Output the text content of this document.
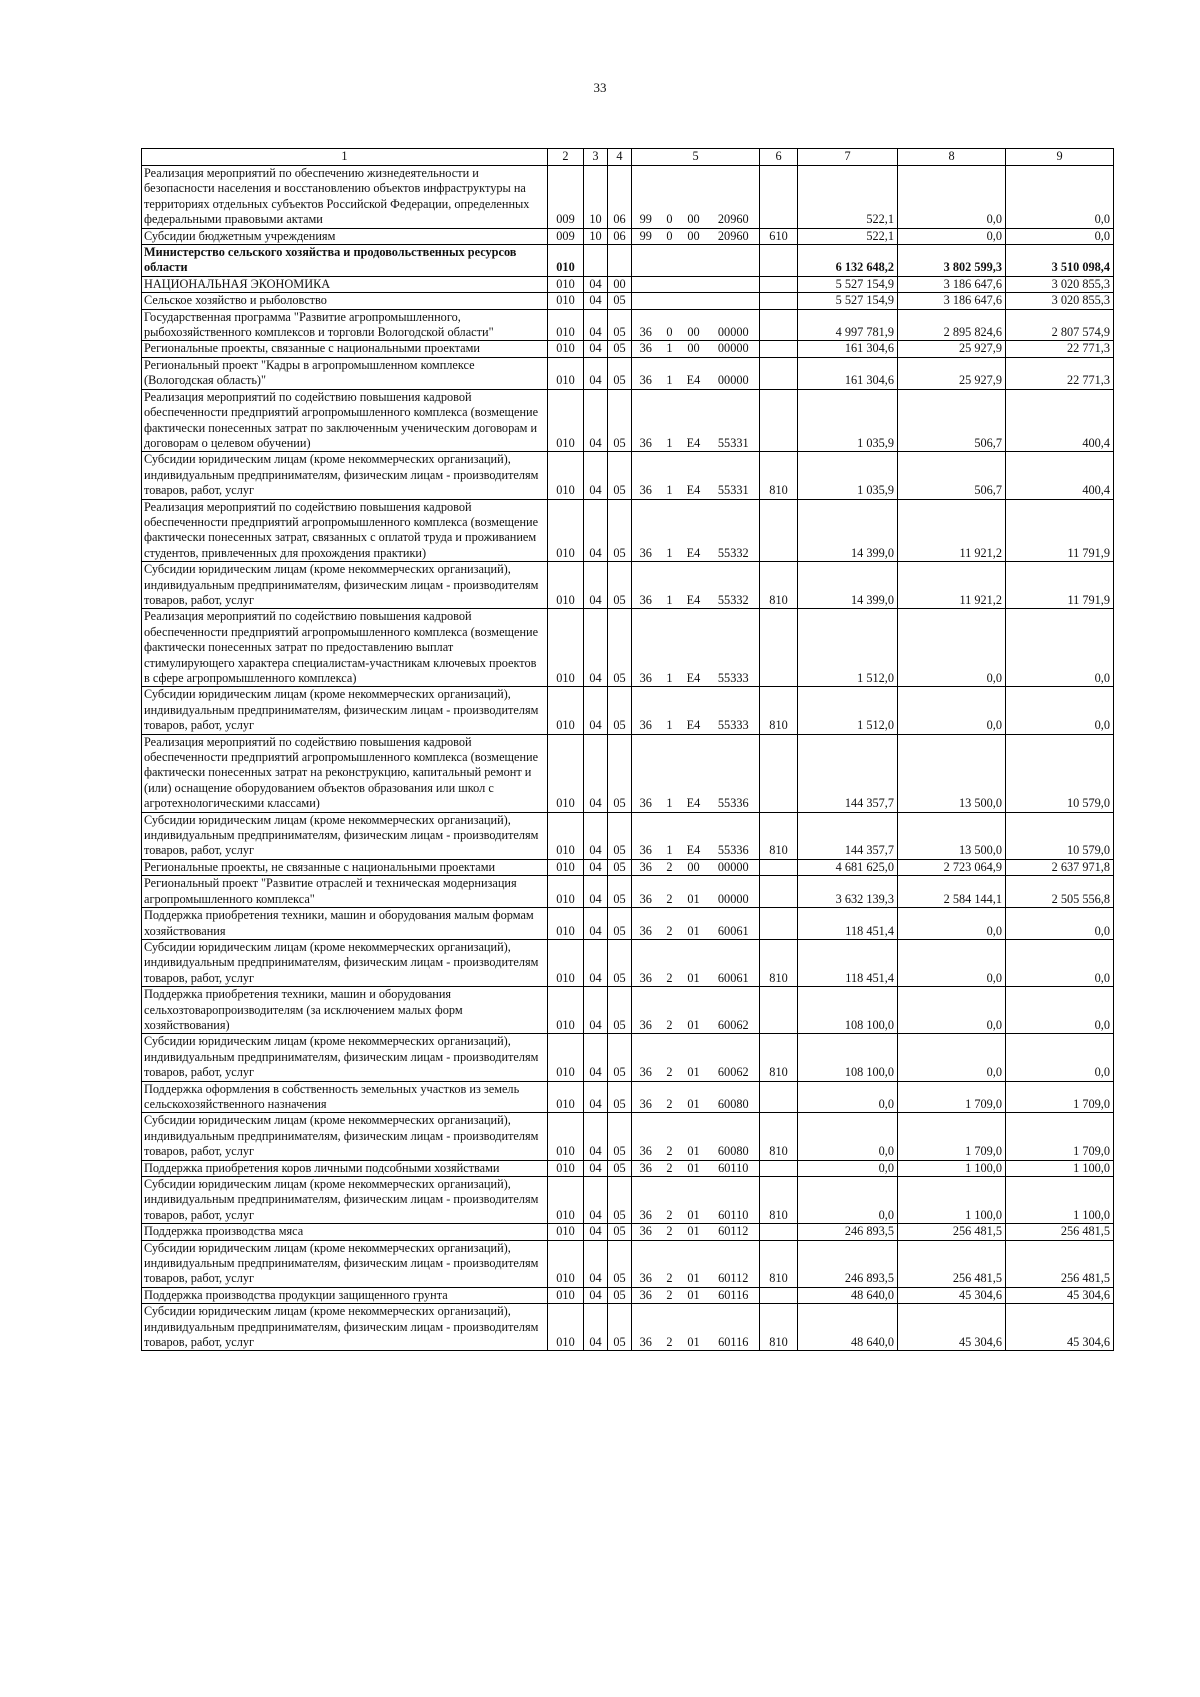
33
1	2	3	4	5				6	7	8	9
Реализация мероприятий по обеспечению жизнедеятельности и безопасности населения и восстановлению объектов инфраструктуры на территориях отдельных субъектов Российской Федерации, определенных федеральными правовыми актами	009	10	06	99	0	00	20960		522,1	0,0	0,0
Субсидии бюджетным учреждениям	009	10	06	99	0	00	20960	610	522,1	0,0	0,0
Министерство сельского хозяйства и продовольственных ресурсов области	010								6 132 648,2	3 802 599,3	3 510 098,4
НАЦИОНАЛЬНАЯ ЭКОНОМИКА	010	04	00						5 527 154,9	3 186 647,6	3 020 855,3
Сельское хозяйство и рыболовство	010	04	05						5 527 154,9	3 186 647,6	3 020 855,3
Государственная программа "Развитие агропромышленного, рыбохозяйственного комплексов и торговли Вологодской области"	010	04	05	36	0	00	00000		4 997 781,9	2 895 824,6	2 807 574,9
Региональные проекты, связанные с национальными проектами	010	04	05	36	1	00	00000		161 304,6	25 927,9	22 771,3
Региональный проект "Кадры в агропромышленном комплексе (Вологодская область)"	010	04	05	36	1	Е4	00000		161 304,6	25 927,9	22 771,3
Реализация мероприятий по содействию повышения кадровой обеспеченности предприятий агропромышленного комплекса (возмещение фактически понесенных затрат по заключенным ученическим договорам и договорам о целевом обучении)	010	04	05	36	1	Е4	55331		1 035,9	506,7	400,4
Субсидии юридическим лицам (кроме некоммерческих организаций), индивидуальным предпринимателям, физическим лицам - производителям товаров, работ, услуг	010	04	05	36	1	Е4	55331	810	1 035,9	506,7	400,4
Реализация мероприятий по содействию повышения кадровой обеспеченности предприятий агропромышленного комплекса (возмещение фактически понесенных затрат, связанных с оплатой труда и проживанием студентов, привлеченных для прохождения практики)	010	04	05	36	1	Е4	55332		14 399,0	11 921,2	11 791,9
Субсидии юридическим лицам (кроме некоммерческих организаций), индивидуальным предпринимателям, физическим лицам - производителям товаров, работ, услуг	010	04	05	36	1	Е4	55332	810	14 399,0	11 921,2	11 791,9
Реализация мероприятий по содействию повышения кадровой обеспеченности предприятий агропромышленного комплекса (возмещение фактически понесенных затрат по предоставлению выплат стимулирующего характера специалистам-участникам ключевых проектов в сфере агропромышленного комплекса)	010	04	05	36	1	Е4	55333		1 512,0	0,0	0,0
Субсидии юридическим лицам (кроме некоммерческих организаций), индивидуальным предпринимателям, физическим лицам - производителям товаров, работ, услуг	010	04	05	36	1	Е4	55333	810	1 512,0	0,0	0,0
Реализация мероприятий по содействию повышения кадровой обеспеченности предприятий агропромышленного комплекса (возмещение фактически понесенных затрат на реконструкцию, капитальный ремонт и (или) оснащение оборудованием объектов образования или школ с агротехнологическими классами)	010	04	05	36	1	Е4	55336		144 357,7	13 500,0	10 579,0
Субсидии юридическим лицам (кроме некоммерческих организаций), индивидуальным предпринимателям, физическим лицам - производителям товаров, работ, услуг	010	04	05	36	1	Е4	55336	810	144 357,7	13 500,0	10 579,0
Региональные проекты, не связанные с национальными проектами	010	04	05	36	2	00	00000		4 681 625,0	2 723 064,9	2 637 971,8
Региональный проект "Развитие отраслей и техническая модернизация агропромышленного комплекса"	010	04	05	36	2	01	00000		3 632 139,3	2 584 144,1	2 505 556,8
Поддержка приобретения техники, машин и оборудования малым формам хозяйствования	010	04	05	36	2	01	60061		118 451,4	0,0	0,0
Субсидии юридическим лицам (кроме некоммерческих организаций), индивидуальным предпринимателям, физическим лицам - производителям товаров, работ, услуг	010	04	05	36	2	01	60061	810	118 451,4	0,0	0,0
Поддержка приобретения техники, машин и оборудования сельхозтоваропроизводителям (за исключением малых форм хозяйствования)	010	04	05	36	2	01	60062		108 100,0	0,0	0,0
Субсидии юридическим лицам (кроме некоммерческих организаций), индивидуальным предпринимателям, физическим лицам - производителям товаров, работ, услуг	010	04	05	36	2	01	60062	810	108 100,0	0,0	0,0
Поддержка оформления в собственность земельных участков из земель сельскохозяйственного назначения	010	04	05	36	2	01	60080		0,0	1 709,0	1 709,0
Субсидии юридическим лицам (кроме некоммерческих организаций), индивидуальным предпринимателям, физическим лицам - производителям товаров, работ, услуг	010	04	05	36	2	01	60080	810	0,0	1 709,0	1 709,0
Поддержка приобретения коров личными подсобными хозяйствами	010	04	05	36	2	01	60110		0,0	1 100,0	1 100,0
Субсидии юридическим лицам (кроме некоммерческих организаций), индивидуальным предпринимателям, физическим лицам - производителям товаров, работ, услуг	010	04	05	36	2	01	60110	810	0,0	1 100,0	1 100,0
Поддержка производства мяса	010	04	05	36	2	01	60112		246 893,5	256 481,5	256 481,5
Субсидии юридическим лицам (кроме некоммерческих организаций), индивидуальным предпринимателям, физическим лицам - производителям товаров, работ, услуг	010	04	05	36	2	01	60112	810	246 893,5	256 481,5	256 481,5
Поддержка производства продукции защищенного грунта	010	04	05	36	2	01	60116		48 640,0	45 304,6	45 304,6
Субсидии юридическим лицам (кроме некоммерческих организаций), индивидуальным предпринимателям, физическим лицам - производителям товаров, работ, услуг	010	04	05	36	2	01	60116	810	48 640,0	45 304,6	45 304,6
